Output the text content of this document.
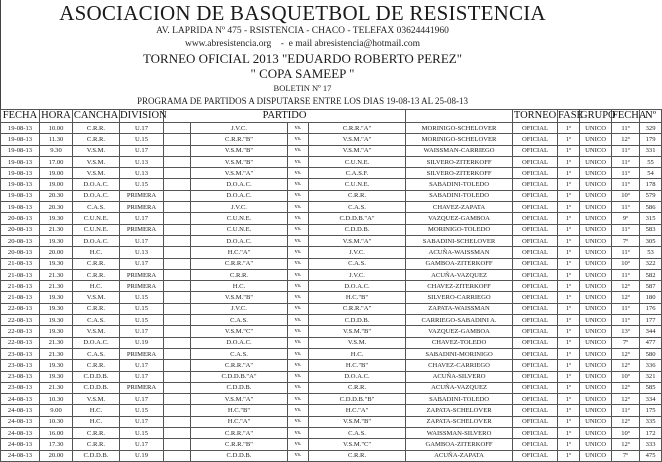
ASOCIACION DE BASQUETBOL DE RESISTENCIA
AV. LAPRIDA Nº 475 - RSISTENCIA - CHACO - TELEFAX 03624441960
www.abresistencia.org    -  e mail abresistencia@hotmail.com
TORNEO OFICIAL 2013 "EDUARDO ROBERTO PEREZ"
" COPA SAMEEP "
BOLETIN Nº 17
PROGRAMA DE PARTIDOS A DISPUTARSE ENTRE LOS DIAS 19-08-13 AL 25-08-13
FECHA	HORA	CANCHA	DIVISION	PARTIDO					TORNEO	FASE	GRUPO	FECHA	Nº
19-08-13	10.00	C.R.R.	U.17		J.V.C.	vs.	C.R.R."A"	MORINIGO-SCHELOVER	OFICIAL	1º	UNICO	11º	329
19-08-13	11.30	C.R.R.	U.15		C.R.R."B"	vs.	V.S.M."A"	MORINIGO-SCHELOVER	OFICIAL	1º	UNICO	12º	179
19-08-13	9.30	V.S.M.	U.17		V.S.M."B"	vs.	V.S.M."A"	WAISSMAN-CARRIEGO	OFICIAL	1º	UNICO	11º	331
19-08-13	17.00	V.S.M.	U.13		V.S.M."B"	vs.	C.U.N.E.	SILVERO-ZITERKOFF	OFICIAL	1º	UNICO	11º	55
19-08-13	19.00	V.S.M.	U.13		V.S.M."A"	vs.	C.A.S.F.	SILVERO-ZITERKOFF	OFICIAL	1º	UNICO	11º	54
19-08-13	19.00	D.O.A.C.	U.15		D.O.A.C.	vs.	C.U.N.E.	SABADINI-TOLEDO	OFICIAL	1º	UNICO	11º	178
19-08-13	20.30	D.O.A.C.	PRIMERA		D.O.A.C.	vs.	C.R.R.	SABADINI-TOLEDO	OFICIAL	1º	UNICO	10º	579
19-08-13	20.30	C.A.S.	PRIMERA		J.V.C.	vs.	C.A.S.	CHAVEZ-ZAPATA	OFICIAL	1º	UNICO	11º	586
20-08-13	19.30	C.U.N.E.	U.17		C.U.N.E.	vs.	C.D.D.B."A"	VAZQUEZ-GAMBOA	OFICIAL	1º	UNICO	9º	315
20-08-13	21.30	C.U.N.E.	PRIMERA		C.U.N.E.	vs.	C.D.D.B.	MORINIGO-TOLEDO	OFICIAL	1º	UNICO	11º	583
20-08-13	19.30	D.O.A.C.	U.17		D.O.A.C.	vs.	V.S.M."A"	SABADINI-SCHELOVER	OFICIAL	1º	UNICO	7º	305
20-08-13	20.00	H.C.	U.13		H.C."A"	vs.	J.V.C.	ACUÑA-WAISSMAN	OFICIAL	1º	UNICO	11º	53
21-08-13	19.30	C.R.R.	U.17		C.R.R."A"	vs.	C.A.S.	GAMBOA-ZITERKOFF	OFICIAL	1º	UNICO	10º	322
21-08-13	21.30	C.R.R.	PRIMERA		C.R.R.	vs.	J.V.C.	ACUÑA-VAZQUEZ	OFICIAL	1º	UNICO	11º	582
21-08-13	21.30	H.C.	PRIMERA		H.C.	vs.	D.O.A.C.	CHAVEZ-ZITERKOFF	OFICIAL	1º	UNICO	12º	587
21-08-13	19.30	V.S.M.	U.15		V.S.M."B"	vs.	H.C."B"	SILVERO-CARRIEGO	OFICIAL	1º	UNICO	12º	180
22-08-13	19.30	C.R.R.	U.15		J.V.C.	vs.	C.R.R."A"	ZAPATA-WAISSMAN	OFICIAL	1º	UNICO	11º	176
22-08-13	19.30	C.A.S.	U.15		C.A.S.	vs.	C.D.D.B.	CARRIEGO-SABADINI A.	OFICIAL	1º	UNICO	11º	177
22-08-13	19.30	V.S.M.	U.17		V.S.M."C"	vs.	V.S.M."B"	VAZQUEZ-GAMBOA	OFICIAL	1º	UNICO	13º	344
22-08-13	21.30	D.O.A.C.	U.19		D.O.A.C.	vs.	V.S.M.	CHAVEZ-TOLEDO	OFICIAL	1º	UNICO	7º	477
23-08-13	21.30	C.A.S.	PRIMERA		C.A.S.	vs.	H.C.	SABADINI-MORINIGO	OFICIAL	1º	UNICO	12º	580
23-08-13	19.30	C.R.R.	U.17		C.R.R."A"	vs.	H.C."B"	CHAVEZ-CARRIEGO	OFICIAL	1º	UNICO	12º	336
23-08-13	19.30	C.D.D.B.	U.17		C.D.D.B."A"	vs.	D.O.A.C.	ACUÑA-SILVERO	OFICIAL	1º	UNICO	10º	321
23-08-13	21.30	C.D.D.B.	PRIMERA		C.D.D.B.	vs.	C.R.R.	ACUÑA-VAZQUEZ	OFICIAL	1º	UNICO	12º	585
24-08-13	10.30	V.S.M.	U.17		V.S.M."A"	vs.	C.D.D.B."B"	SABADINI-TOLEDO	OFICIAL	1º	UNICO	12º	334
24-08-13	9.00	H.C.	U.15		H.C."B"	vs.	H.C."A"	ZAPATA-SCHELOVER	OFICIAL	1º	UNICO	11º	175
24-08-13	10.30	H.C.	U.17		H.C."A"	vs.	V.S.M."B"	ZAPATA-SCHELOVER	OFICIAL	1º	UNICO	12º	335
24-08-13	16.00	C.R.R.	U.15		C.R.R."A"	vs.	C.A.S.	WAISSMAN-SILVERO	OFICIAL	1º	UNICO	10º	172
24-08-13	17.30	C.R.R.	U.17		C.R.R."B"	vs.	V.S.M."C"	GAMBOA-ZITERKOFF	OFICIAL	1º	UNICO	12º	333
24-08-13	20.00	C.D.D.B.	U.19		C.D.D.B.	vs.	C.R.R.	ACUÑA-ZAPATA	OFICIAL	1º	UNICO	7º	475
